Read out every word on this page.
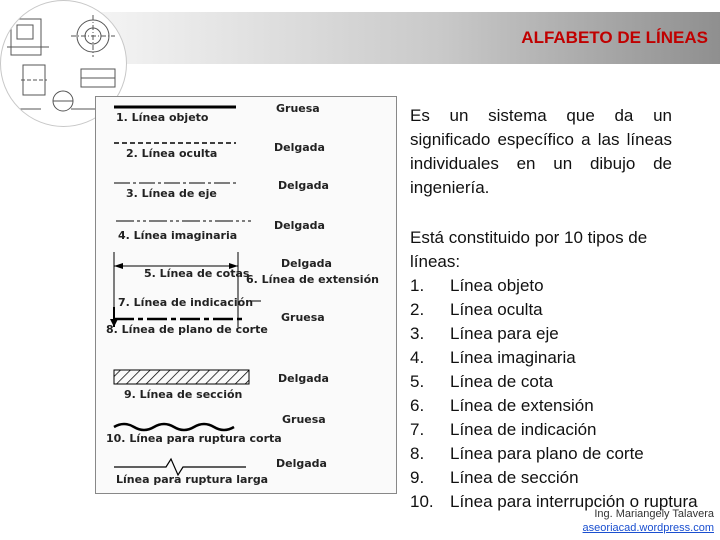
ALFABETO DE LÍNEAS
1. Línea objeto
Gruesa
2. Línea oculta	Delgada
3. Línea de eje
Delgada
4. Línea imaginaria
Delgada
5. Línea de cotas
6. Línea de extensión
Delgada
7. Línea de indicación
8. Línea de plano de corte
Gruesa
9. Línea de sección
Delgada
10. Línea para ruptura corta
Gruesa
Línea para ruptura larga
Delgada

Es un sistema que da un significado específico a las líneas individuales en un dibujo de ingeniería.

Está constituido por 10 tipos de líneas:

1. Línea objeto
2. Línea oculta
3. Línea para eje
4. Línea imaginaria
5. Línea de cota
6. Línea de extensión
7. Línea de indicación
8. Línea para plano de corte
9. Línea de sección
10. Línea para interrupción o ruptura
Ing. Mariangely Talavera
aseoriacad.wordpress.com
